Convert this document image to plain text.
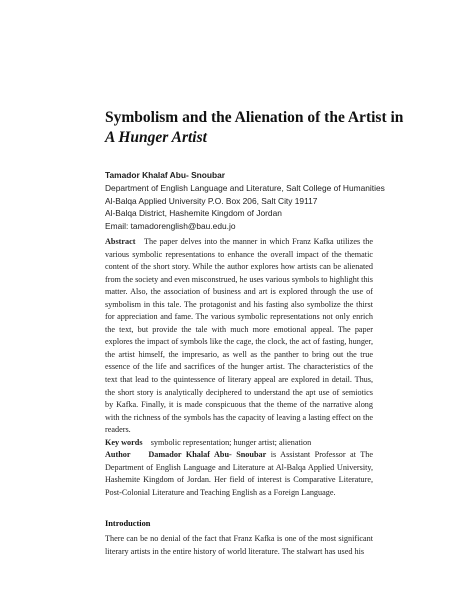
Symbolism and the Alienation of the Artist in
A Hunger Artist
Tamador Khalaf Abu- Snoubar
Department of English Language and Literature, Salt College of Humanities
Al-Balqa Applied University P.O. Box 206, Salt City 19117
Al-Balqa District, Hashemite Kingdom of Jordan
Email: tamadorenglish@bau.edu.jo

Abstract The paper delves into the manner in which Franz Kafka utilizes the various symbolic representations to enhance the overall impact of the thematic content of the short story. While the author explores how artists can be alienated from the society and even misconstrued, he uses various symbols to highlight this matter. Also, the association of business and art is explored through the use of symbolism in this tale. The protagonist and his fasting also symbolize the thirst for appreciation and fame. The various symbolic representations not only enrich the text, but provide the tale with much more emotional appeal. The paper explores the impact of symbols like the cage, the clock, the act of fasting, hunger, the artist himself, the impresario, as well as the panther to bring out the true essence of the life and sacrifices of the hunger artist. The characteristics of the text that lead to the quintessence of literary appeal are explored in detail. Thus, the short story is analytically deciphered to understand the apt use of semiotics by Kafka. Finally, it is made conspicuous that the theme of the narrative along with the richness of the symbols has the capacity of leaving a lasting effect on the readers.

Key words symbolic representation; hunger artist; alienation

Author Damador Khalaf Abu- Snoubar is Assistant Professor at The Department of English Language and Literature at Al-Balqa Applied University, Hashemite Kingdom of Jordan. Her field of interest is Comparative Literature, Post-Colonial Literature and Teaching English as a Foreign Language.

Introduction

There can be no denial of the fact that Franz Kafka is one of the most significant literary artists in the entire history of world literature. The stalwart has used his
